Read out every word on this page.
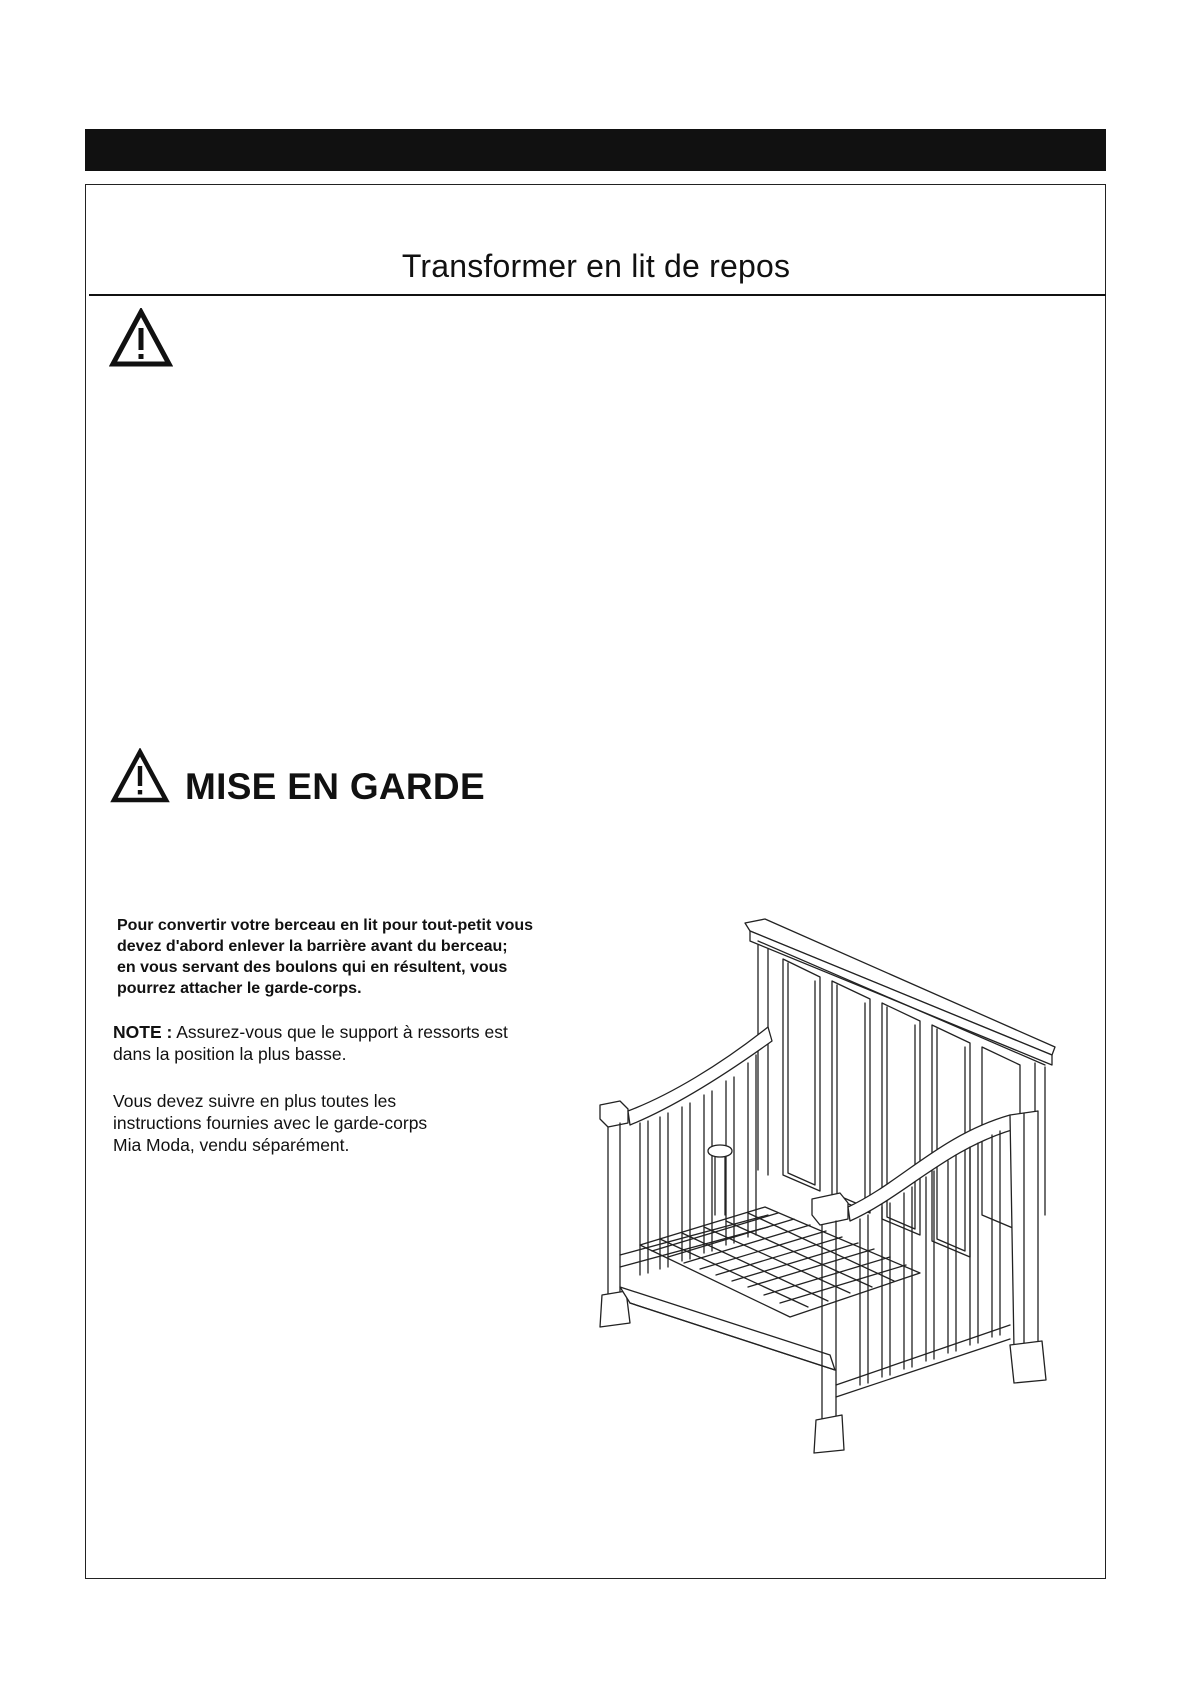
Transformer en lit de repos
MISE EN GARDE

Pour convertir votre berceau en lit pour tout-petit vous
devez d'abord enlever la barrière avant du berceau;
en vous servant des boulons qui en résultent, vous
pourrez attacher le garde-corps.

NOTE : Assurez-vous que le support à ressorts est
dans la position la plus basse.

Vous devez suivre en plus toutes les
instructions fournies avec le garde-corps
Mia Moda, vendu séparément.
